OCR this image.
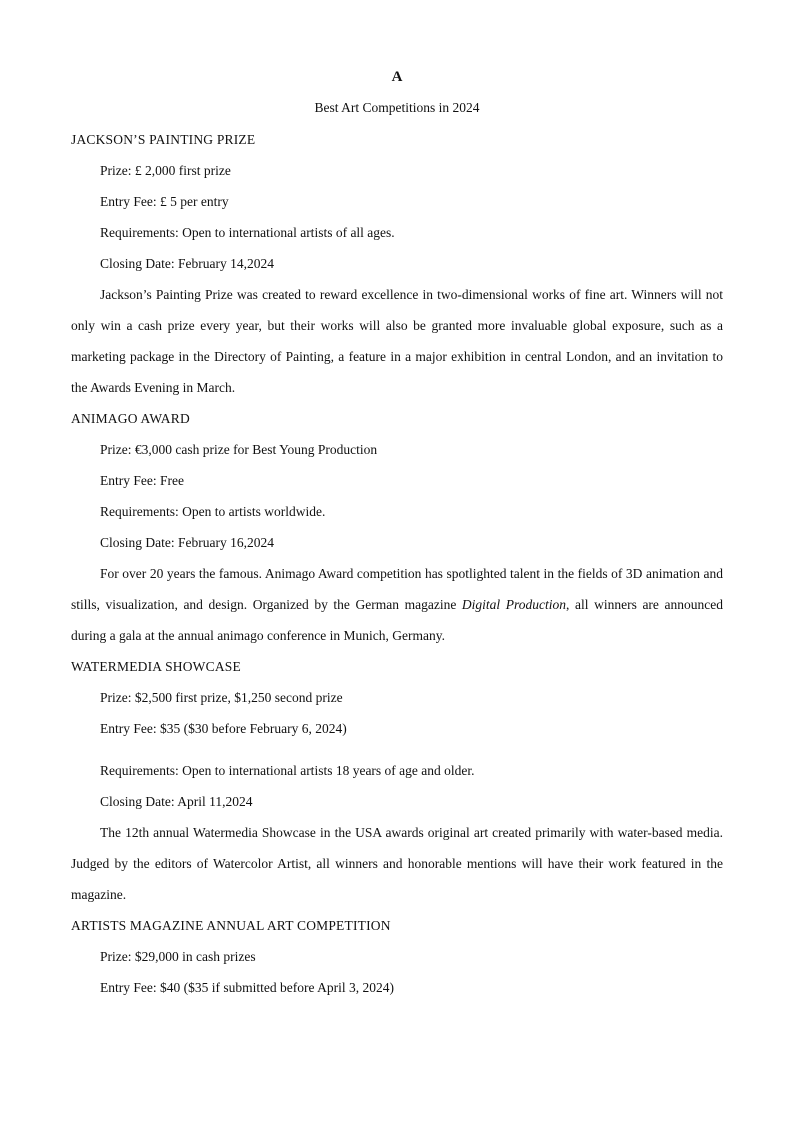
A

Best Art Competitions in 2024

JACKSON’S PAINTING PRIZE

Prize: £ 2,000 first prize

Entry Fee: £ 5 per entry

Requirements: Open to international artists of all ages.

Closing Date: February 14,2024

Jackson’s Painting Prize was created to reward excellence in two-dimensional works of fine art. Winners will not only win a cash prize every year, but their works will also be granted more invaluable global exposure, such as a marketing package in the Directory of Painting, a feature in a major exhibition in central London, and an invitation to the Awards Evening in March.

ANIMAGO AWARD

Prize: €3,000 cash prize for Best Young Production

Entry Fee: Free

Requirements: Open to artists worldwide.

Closing Date: February 16,2024

For over 20 years the famous. Animago Award competition has spotlighted talent in the fields of 3D animation and stills, visualization, and design. Organized by the German magazine Digital Production, all winners are announced during a gala at the annual animago conference in Munich, Germany.

WATERMEDIA SHOWCASE

Prize: $2,500 first prize, $1,250 second prize

Entry Fee: $35 ($30 before February 6, 2024)

Requirements: Open to international artists 18 years of age and older.

Closing Date: April 11,2024

The 12th annual Watermedia Showcase in the USA awards original art created primarily with water-based media. Judged by the editors of Watercolor Artist, all winners and honorable mentions will have their work featured in the magazine.

ARTISTS MAGAZINE ANNUAL ART COMPETITION

Prize: $29,000 in cash prizes

Entry Fee: $40 ($35 if submitted before April 3, 2024)
